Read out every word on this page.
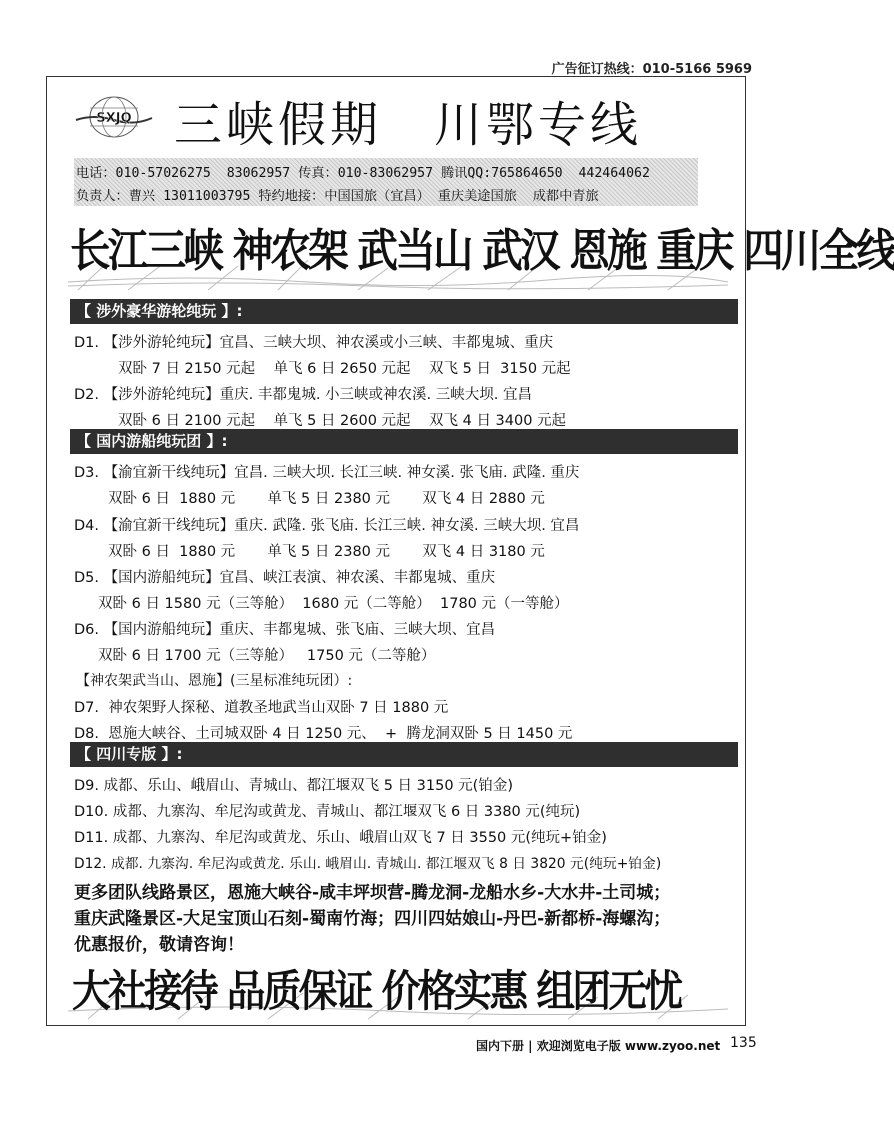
广告征订热线：010-5166 5969
SXJQ 三峡假期　川鄂专线
电话：010-57026275  83062957 传真：010-83062957 腾讯QQ:765864650  442464062
负责人：曹兴 13011003795 特约地接：中国国旅（宜昌） 重庆美途国旅  成都中青旅
长江三峡 神农架 武当山 武汉 恩施 重庆 四川全线
【 涉外豪华游轮纯玩 】:
D1. 【涉外游轮纯玩】宜昌、三峡大坝、神农溪或小三峡、丰都鬼城、重庆
双卧 7 日 2150 元起    单飞 6 日 2650 元起    双飞 5 日  3150 元起
D2. 【涉外游轮纯玩】重庆. 丰都鬼城. 小三峡或神农溪. 三峡大坝. 宜昌
双卧 6 日 2100 元起    单飞 5 日 2600 元起    双飞 4 日 3400 元起
【 国内游船纯玩团 】:
D3. 【渝宜新干线纯玩】宜昌. 三峡大坝. 长江三峡. 神女溪. 张飞庙. 武隆. 重庆
双卧 6 日  1880 元       单飞 5 日 2380 元       双飞 4 日 2880 元
D4. 【渝宜新干线纯玩】重庆. 武隆. 张飞庙. 长江三峡. 神女溪. 三峡大坝. 宜昌
双卧 6 日  1880 元       单飞 5 日 2380 元       双飞 4 日 3180 元
D5. 【国内游船纯玩】宜昌、峡江表演、神农溪、丰都鬼城、重庆
双卧 6 日 1580 元（三等舱）  1680 元（二等舱）  1780 元（一等舱）
D6. 【国内游船纯玩】重庆、丰都鬼城、张飞庙、三峡大坝、宜昌
双卧 6 日 1700 元（三等舱）   1750 元（二等舱）
【神农架武当山、恩施】(三星标准纯玩团）:
D7.  神农架野人探秘、道教圣地武当山双卧 7 日 1880 元
D8.  恩施大峡谷、土司城双卧 4 日 1250 元、  +  腾龙洞双卧 5 日 1450 元
【 四川专版 】:
D9. 成都、乐山、峨眉山、青城山、都江堰双飞 5 日 3150 元(铂金)
D10. 成都、九寨沟、牟尼沟或黄龙、青城山、都江堰双飞 6 日 3380 元(纯玩)
D11. 成都、九寨沟、牟尼沟或黄龙、乐山、峨眉山双飞 7 日 3550 元(纯玩+铂金)
D12. 成都. 九寨沟. 牟尼沟或黄龙. 乐山. 峨眉山. 青城山. 都江堰双飞 8 日 3820 元(纯玩+铂金)
更多团队线路景区，恩施大峡谷-咸丰坪坝营-腾龙洞-龙船水乡-大水井-土司城；
重庆武隆景区-大足宝顶山石刻-蜀南竹海；四川四姑娘山-丹巴-新都桥-海螺沟；
优惠报价，敬请咨询！
大社接待 品质保证 价格实惠 组团无忧
国内下册 | 欢迎浏览电子版 www.zyoo.net 135
